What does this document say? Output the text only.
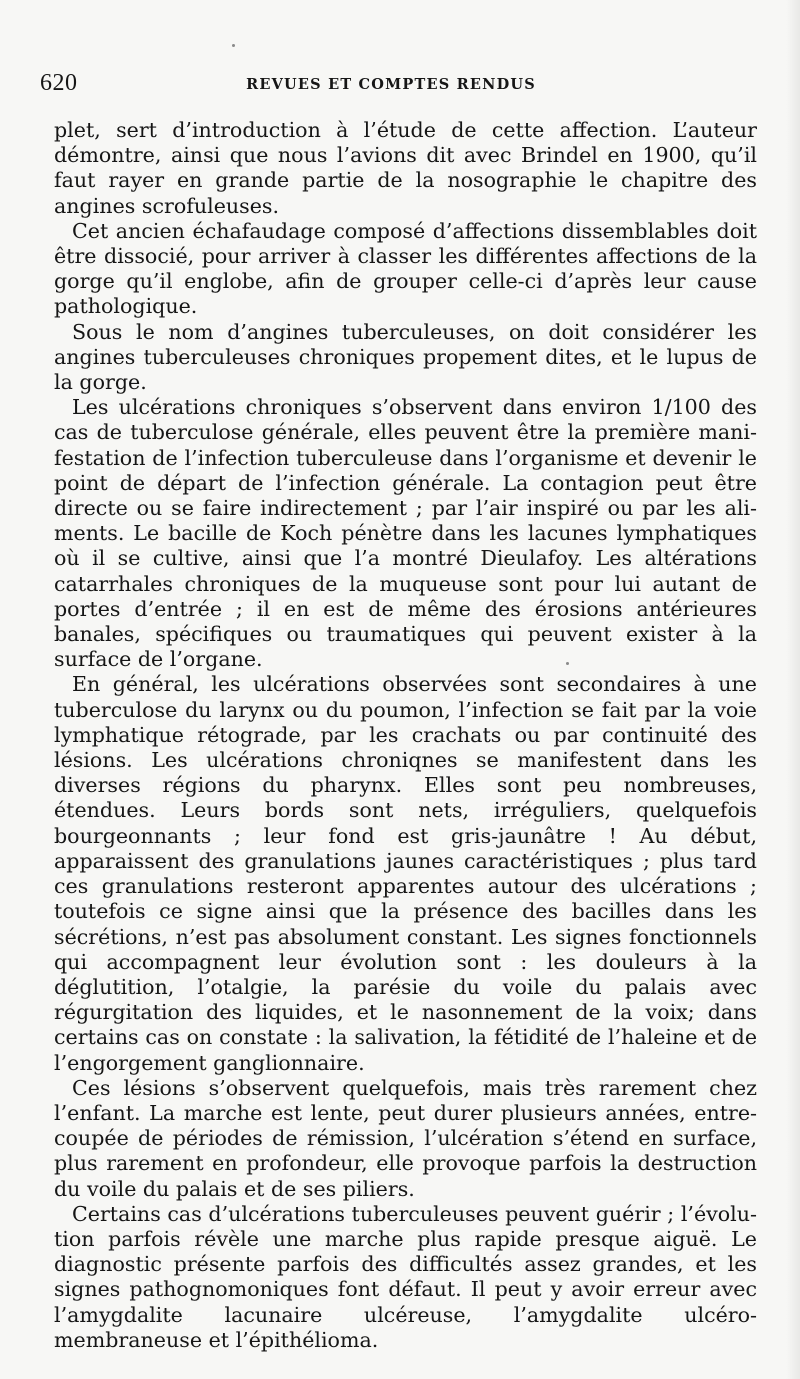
620	REVUES ET COMPTES RENDUS

plet, sert d’introduction à l’étude de cette affection. L’auteur démontre, ainsi que nous l’avions dit avec Brindel en 1900, qu’il faut rayer en grande partie de la nosographie le chapitre des angines scrofuleuses.

Cet ancien échafaudage composé d’affections dissemblables doit être dissocié, pour arriver à classer les différentes affections de la gorge qu’il englobe, afin de grouper celle-ci d’après leur cause pathologique.

Sous le nom d’angines tuberculeuses, on doit considérer les angines tuberculeuses chroniques propement dites, et le lupus de la gorge.

Les ulcérations chroniques s’observent dans environ 1/100 des cas de tuberculose générale, elles peuvent être la première manifestation de l’infection tuberculeuse dans l’organisme et devenir le point de départ de l’infection générale. La contagion peut être directe ou se faire indirectement ; par l’air inspiré ou par les aliments. Le bacille de Koch pénètre dans les lacunes lymphatiques où il se cultive, ainsi que l’a montré Dieulafoy. Les altérations catarrhales chroniques de la muqueuse sont pour lui autant de portes d’entrée ; il en est de même des érosions antérieures banales, spécifiques ou traumatiques qui peuvent exister à la surface de l’organe.

En général, les ulcérations observées sont secondaires à une tuberculose du larynx ou du poumon, l’infection se fait par la voie lymphatique rétograde, par les crachats ou par continuité des lésions. Les ulcérations chroniqnes se manifestent dans les diverses régions du pharynx. Elles sont peu nombreuses, étendues. Leurs bords sont nets, irréguliers, quelquefois bourgeonnants ; leur fond est gris-jaunâtre ! Au début, apparaissent des granulations jaunes caractéristiques ; plus tard ces granulations resteront apparentes autour des ulcérations ; toutefois ce signe ainsi que la présence des bacilles dans les sécrétions, n’est pas absolument constant. Les signes fonctionnels qui accompagnent leur évolution sont : les douleurs à la déglutition, l’otalgie, la parésie du voile du palais avec régurgitation des liquides, et le nasonnement de la voix; dans certains cas on constate : la salivation, la fétidité de l’haleine et de l’engorgement ganglionnaire.

Ces lésions s’observent quelquefois, mais très rarement chez l’enfant. La marche est lente, peut durer plusieurs années, entrecoupée de périodes de rémission, l’ulcération s’étend en surface, plus rarement en profondeur, elle provoque parfois la destruction du voile du palais et de ses piliers.

Certains cas d’ulcérations tuberculeuses peuvent guérir ; l’évolution parfois révèle une marche plus rapide presque aiguë. Le diagnostic présente parfois des difficultés assez grandes, et les signes pathognomoniques font défaut. Il peut y avoir erreur avec l’amygdalite lacunaire ulcéreuse, l’amygdalite ulcéro-membraneuse et l’épithélioma.
